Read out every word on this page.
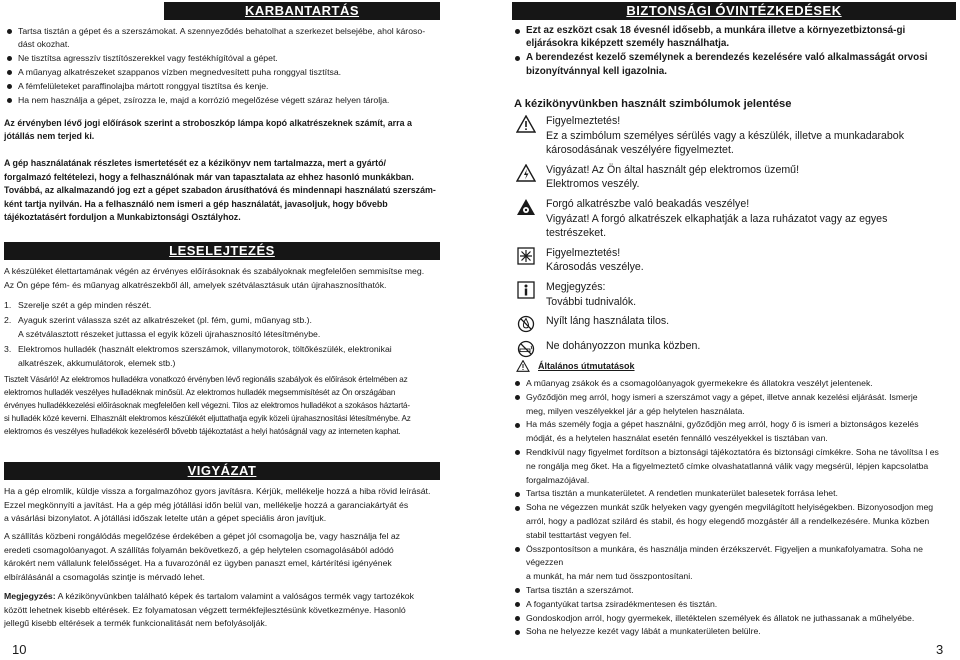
KARBANTARTÁS
Tartsa tisztán a gépet és a szerszámokat. A szennyeződés behatolhat a szerkezet belsejébe, ahol károso-dást okozhat.
Ne tisztítsa agresszív tisztítószerekkel vagy festékhígítóval a gépet.
A műanyag alkatrészeket szappanos vízben megnedvesített puha ronggyal tisztítsa.
A fémfelületeket paraffinolajba mártott ronggyal tisztítsa és kenje.
Ha nem használja a gépet, zsírozza le, majd a korrózió megelőzése végett száraz helyen tárolja.

Az érvényben lévő jogi előírások szerint a stroboszkóp lámpa kopó alkatrészeknek számít, arra a jótállás nem terjed ki.

A gép használatának részletes ismertetését ez a kézikönyv nem tartalmazza, mert a gyártó/
forgalmazó feltételezi, hogy a felhasználónak már van tapasztalata az ehhez hasonló munkákban.
Továbbá, az alkalmazandó jog ezt a gépet szabadon árusíthatóvá és mindennapi használatú szerszám-
ként tartja nyilván. Ha a felhasználó nem ismeri a gép használatát, javasoljuk, hogy bővebb
tájékoztatásért forduljon a Munkabiztonsági Osztályhoz.
LESELEJTEZÉS
A készüléket élettartamának végén az érvényes előírásoknak és szabályoknak megfelelően semmisítse meg.
Az Ön gépe fém- és műanyag alkatrészekből áll, amelyek szétválasztásuk után újrahasznosíthatók.
1. Szerelje szét a gép minden részét.
2. Ayaguk szerint válassza szét az alkatrészeket (pl. fém, gumi, műanyag stb.).
A szétválasztott részeket juttassa el egyik közeli újrahasznosító létesítménybe.
3. Elektromos hulladék (használt elektromos szerszámok, villanymotorok, töltőkészülék, elektronikai
alkatrészek, akkumulátorok, elemek stb.)
Tisztelt Vásárló! Az elektromos hulladékra vonatkozó érvényben lévő regionális szabályok és előírások értelmében az
elektromos hulladék veszélyes hulladéknak minősül. Az elektromos hulladék megsemmisítését az Ön országában
érvényes hulladékkezelési előírásoknak megfelelően kell végezni. Tilos az elektromos hulladékot a szokásos háztartá-
si hulladék közé keverni. Elhasznált elektromos készülékét eljuttathatja egyik közeli újrahasznosítási létesítménybe. Az
elektromos és veszélyes hulladékok kezeléséről bővebb tájékoztatást a helyi hatóságnál vagy az interneten kaphat.
VIGYÁZAT
Ha a gép elromlik, küldje vissza a forgalmazóhoz gyors javításra. Kérjük, mellékelje hozzá a hiba rövid leírását.
Ezzel megkönnyíti a javítást. Ha a gép még jótállási időn belül van, mellékelje hozzá a garanciakártyát és
a vásárlási bizonylatot. A jótállási időszak letelte után a gépet speciális áron javítjuk.
A szállítás közbeni rongálódás megelőzése érdekében a gépet jól csomagolja be, vagy használja fel az
eredeti csomagolóanyagot. A szállítás folyamán bekövetkező, a gép helytelen csomagolásából adódó
károkért nem vállalunk felelősséget. Ha a fuvarozónál ez ügyben panaszt emel, kártérítési igényének
elbírálásánál a csomagolás szintje is mérvadó lehet.
Megjegyzés: A kézikönyvünkben található képek és tartalom valamint a valóságos termék vagy tartozékok
között lehetnek kisebb eltérések. Ez folyamatosan végzett termékfejlesztésünk következménye. Hasonló
jellegű kisebb eltérések a termék funkcionalitását nem befolyásolják.
10
BIZTONSÁGI ÓVINTÉZKEDÉSEK
Ezt az eszközt csak 18 évesnél idősebb, a munkára illetve a környezetbiztonsá-gi eljárásokra kiképzett személy használhatja.
A berendezést kezelő személynek a berendezés kezelésére való alkalmasságát orvosi bizonyítvánnyal kell igazolnia.
A kézikönyvünkben használt szimbólumok jelentése
Figyelmeztetés!
Ez a szimbólum személyes sérülés vagy a készülék, illetve a munkadarabok
károsodásának veszélyére figyelmeztet.
Vigyázat! Az Ön által használt gép elektromos üzemű!
Elektromos veszély.
Forgó alkatrészbe való beakadás veszélye!
Vigyázat! A forgó alkatrészek elkaphatják a laza ruházatot vagy az egyes
testrészeket.
Figyelmeztetés!
Károsodás veszélye.
Megjegyzés:
További tudnivalók.
Nyílt láng használata tilos.
Ne dohányozzon munka közben.
Általános útmutatások
A műanyag zsákok és a csomagolóanyagok gyermekekre és állatokra veszélyt jelentenek.
Győződjön meg arról, hogy ismeri a szerszámot vagy a gépet, illetve annak kezelési eljárását. Ismerje
meg, milyen veszélyekkel jár a gép helytelen használata.
Ha más személy fogja a gépet használni, győződjön meg arról, hogy ő is ismeri a biztonságos kezelés
módját, és a helytelen használat esetén fennálló veszélyekkel is tisztában van.
Rendkívül nagy figyelmet fordítson a biztonsági tájékoztatóra és biztonsági címkékre. Soha ne távolítsa l es
ne rongálja meg őket. Ha a figyelmeztető címke olvashatatlanná válik vagy megsérül, lépjen kapcsolatba
forgalmazójával.
Tartsa tisztán a munkaterületet. A rendetlen munkaterület balesetek forrása lehet.
Soha ne végezzen munkát szűk helyeken vagy gyengén megvilágított helyiségekben. Bizonyosodjon meg
arról, hogy a padlózat szilárd és stabil, és hogy elegendő mozgástér áll a rendelkezésére. Munka közben
stabil testtartást vegyen fel.
Összpontosítson a munkára, és használja minden érzékszervét. Figyeljen a munkafolyamatra. Soha ne végezzen
a munkát, ha már nem tud összpontosítani.
Tartsa tisztán a szerszámot.
A fogantyúkat tartsa zsiradékmentesen és tisztán.
Gondoskodjon arról, hogy gyermekek, illetéktelen személyek és állatok ne juthassanak a műhelyébe.
Soha ne helyezze kezét vagy lábát a munkaterületen belülre.
3
